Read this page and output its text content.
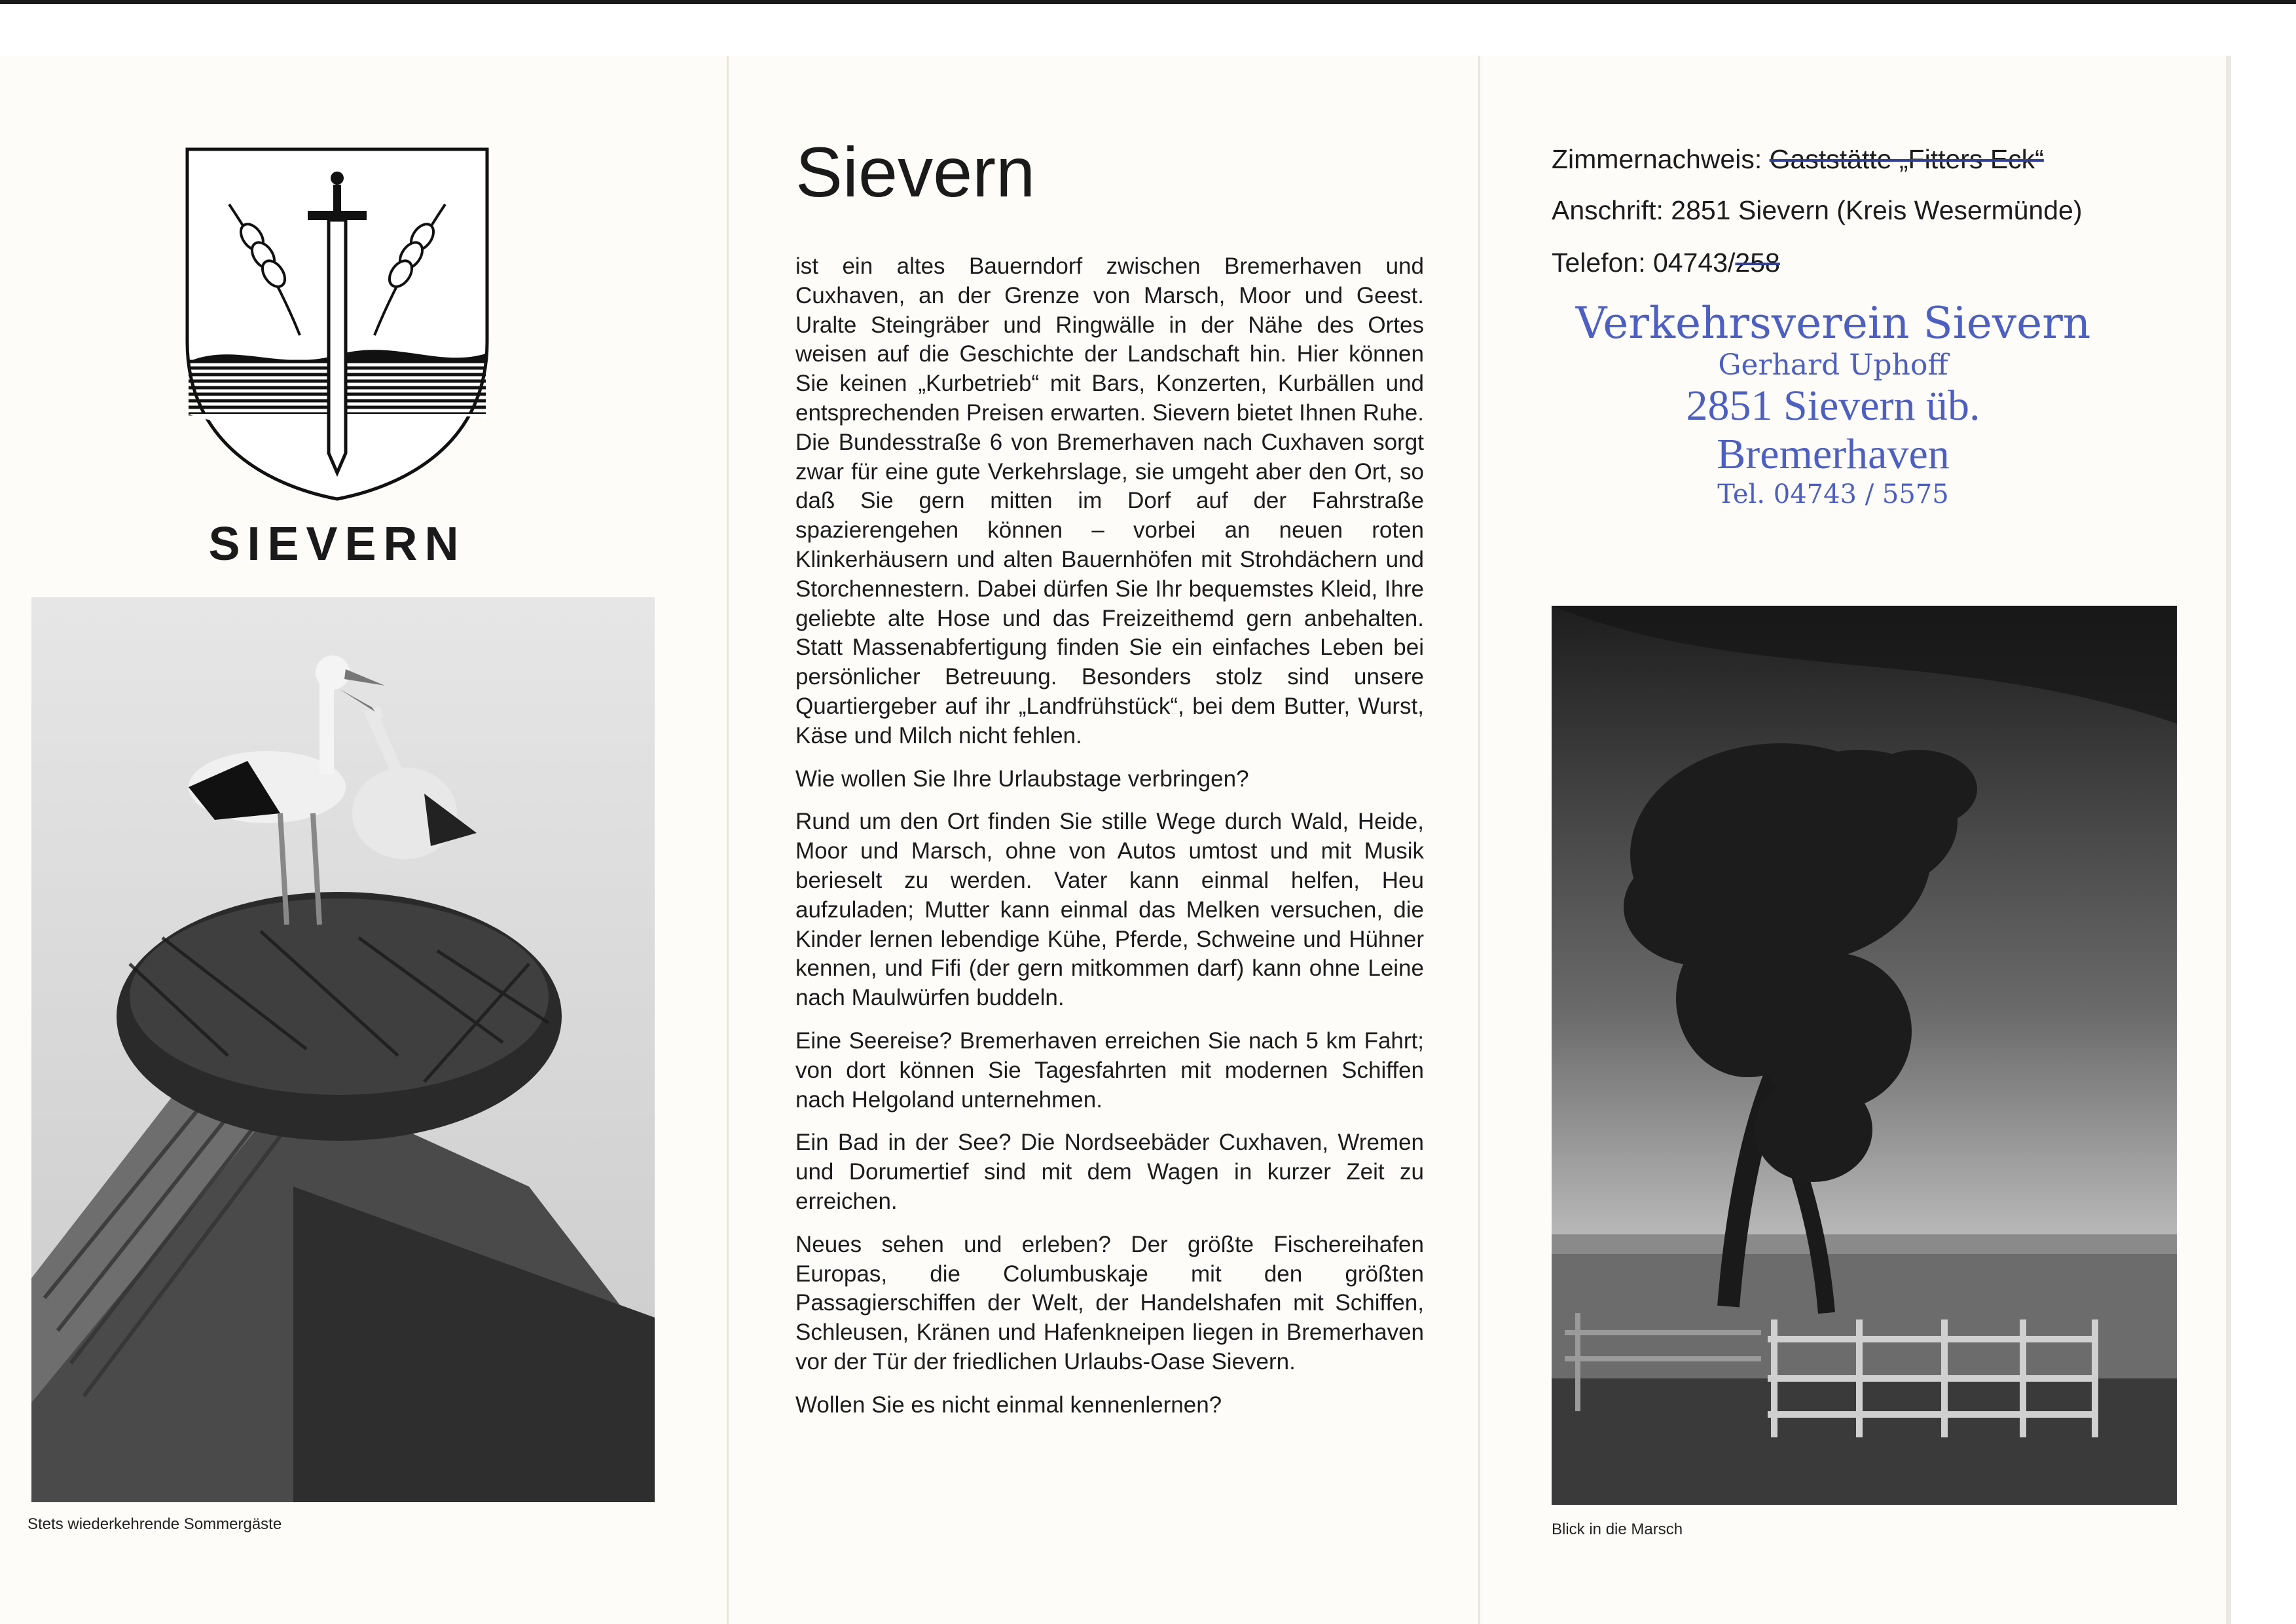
SIEVERN
Stets wiederkehrende Sommergäste
Sievern

ist ein altes Bauerndorf zwischen Bremerhaven und Cuxhaven, an der Grenze von Marsch, Moor und Geest. Uralte Steingräber und Ringwälle in der Nähe des Ortes weisen auf die Geschichte der Landschaft hin. Hier können Sie keinen „Kurbetrieb“ mit Bars, Konzerten, Kurbällen und entsprechenden Preisen erwarten. Sievern bietet Ihnen Ruhe. Die Bundesstraße 6 von Bremerhaven nach Cuxhaven sorgt zwar für eine gute Verkehrslage, sie umgeht aber den Ort, so daß Sie gern mitten im Dorf auf der Fahrstraße spazierengehen können – vorbei an neuen roten Klinkerhäusern und alten Bauernhöfen mit Strohdächern und Storchennestern. Dabei dürfen Sie Ihr bequemstes Kleid, Ihre geliebte alte Hose und das Freizeithemd gern anbehalten. Statt Massenabfertigung finden Sie ein einfaches Leben bei persönlicher Betreuung. Besonders stolz sind unsere Quartiergeber auf ihr „Landfrühstück“, bei dem Butter, Wurst, Käse und Milch nicht fehlen.

Wie wollen Sie Ihre Urlaubstage verbringen?

Rund um den Ort finden Sie stille Wege durch Wald, Heide, Moor und Marsch, ohne von Autos umtost und mit Musik berieselt zu werden. Vater kann einmal helfen, Heu aufzuladen; Mutter kann einmal das Melken versuchen, die Kinder lernen lebendige Kühe, Pferde, Schweine und Hühner kennen, und Fifi (der gern mitkommen darf) kann ohne Leine nach Maulwürfen buddeln.

Eine Seereise? Bremerhaven erreichen Sie nach 5 km Fahrt; von dort können Sie Tagesfahrten mit modernen Schiffen nach Helgoland unternehmen.

Ein Bad in der See? Die Nordseebäder Cuxhaven, Wremen und Dorumertief sind mit dem Wagen in kurzer Zeit zu erreichen.

Neues sehen und erleben? Der größte Fischereihafen Europas, die Columbuskaje mit den größten Passagierschiffen der Welt, der Handelshafen mit Schiffen, Schleusen, Kränen und Hafenkneipen liegen in Bremerhaven vor der Tür der friedlichen Urlaubs-Oase Sievern.

Wollen Sie es nicht einmal kennenlernen?

Zimmernachweis: Gaststätte „Fitters Eck“
Anschrift: 2851 Sievern (Kreis Wesermünde)
Telefon: 04743/258
Verkehrsverein Sievern
Gerhard Uphoff
2851 Sievern üb. Bremerhaven
Tel. 04743 / 5575
Blick in die Marsch
